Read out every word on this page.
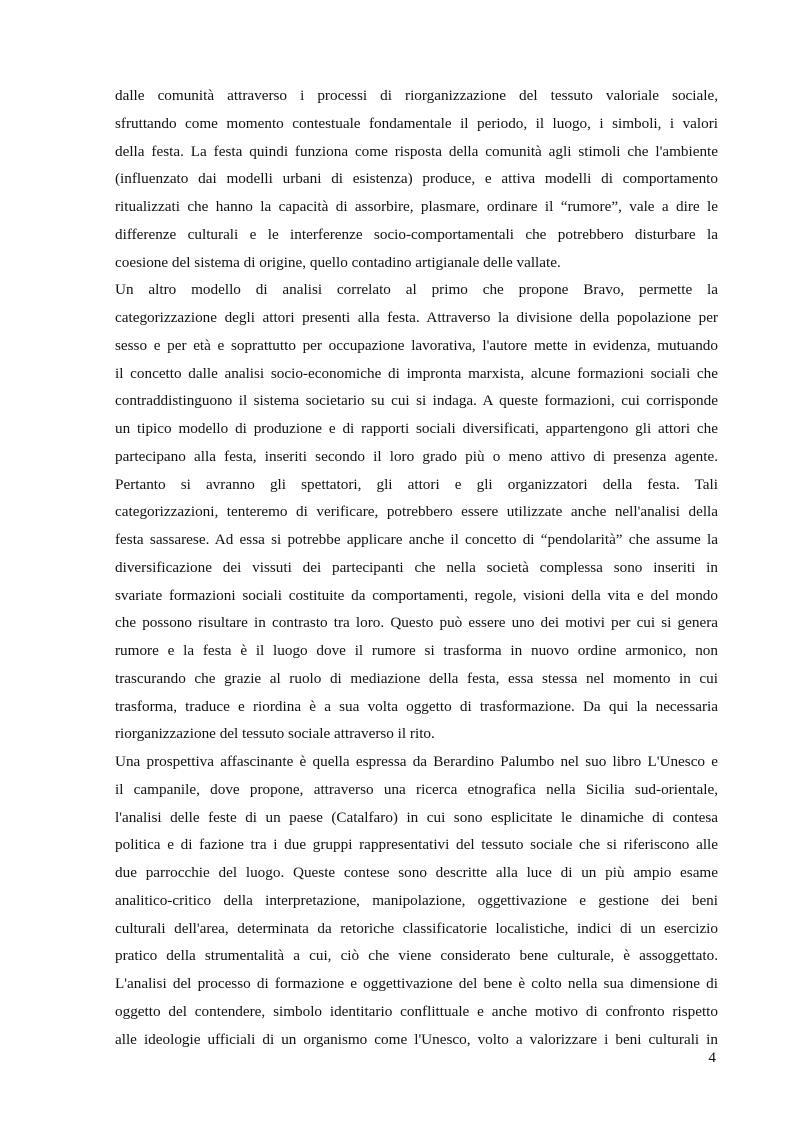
dalle comunità attraverso i processi di riorganizzazione del tessuto valoriale sociale,
sfruttando come momento contestuale fondamentale il periodo, il luogo, i simboli, i valori
della festa. La festa quindi funziona come risposta della comunità agli stimoli che l'ambiente
(influenzato dai modelli urbani di esistenza) produce, e attiva modelli di comportamento
ritualizzati che hanno la capacità di assorbire, plasmare, ordinare il “rumore”, vale a dire le
differenze culturali e le interferenze socio-comportamentali che potrebbero disturbare la
coesione del sistema di origine, quello contadino artigianale delle vallate.
Un altro modello di analisi correlato al primo che propone Bravo, permette la
categorizzazione degli attori presenti alla festa. Attraverso la divisione della popolazione per
sesso e per età e soprattutto per occupazione lavorativa, l'autore mette in evidenza, mutuando
il concetto dalle analisi socio-economiche di impronta marxista, alcune formazioni sociali che
contraddistinguono il sistema societario su cui si indaga. A queste formazioni, cui corrisponde
un tipico modello di produzione e di rapporti sociali diversificati, appartengono gli attori che
partecipano alla festa, inseriti secondo il loro grado più o meno attivo di presenza agente.
Pertanto si avranno gli spettatori, gli attori e gli organizzatori della festa. Tali
categorizzazioni, tenteremo di verificare, potrebbero essere utilizzate anche nell'analisi della
festa sassarese. Ad essa si potrebbe applicare anche il concetto di “pendolarità” che assume la
diversificazione dei vissuti dei partecipanti che nella società complessa sono inseriti in
svariate formazioni sociali costituite da comportamenti, regole, visioni della vita e del mondo
che possono risultare in contrasto tra loro. Questo può essere uno dei motivi per cui si genera
rumore e la festa è il luogo dove il rumore si trasforma in nuovo ordine armonico, non
trascurando che grazie al ruolo di mediazione della festa, essa stessa nel momento in cui
trasforma, traduce e riordina è a sua volta oggetto di trasformazione. Da qui la necessaria
riorganizzazione del tessuto sociale attraverso il rito.
Una prospettiva affascinante è quella espressa da Berardino Palumbo nel suo libro L'Unesco e
il campanile, dove propone, attraverso una ricerca etnografica nella Sicilia sud-orientale,
l'analisi delle feste di un paese (Catalfaro) in cui sono esplicitate le dinamiche di contesa
politica e di fazione tra i due gruppi rappresentativi del tessuto sociale che si riferiscono alle
due parrocchie del luogo. Queste contese sono descritte alla luce di un più ampio esame
analitico-critico della interpretazione, manipolazione, oggettivazione e gestione dei beni
culturali dell'area, determinata da retoriche classificatorie localistiche, indici di un esercizio
pratico della strumentalità a cui, ciò che viene considerato bene culturale, è assoggettato.
L'analisi del processo di formazione e oggettivazione del bene è colto nella sua dimensione di
oggetto del contendere, simbolo identitario conflittuale e anche motivo di confronto rispetto
alle ideologie ufficiali di un organismo come l'Unesco, volto a valorizzare i beni culturali in
4
